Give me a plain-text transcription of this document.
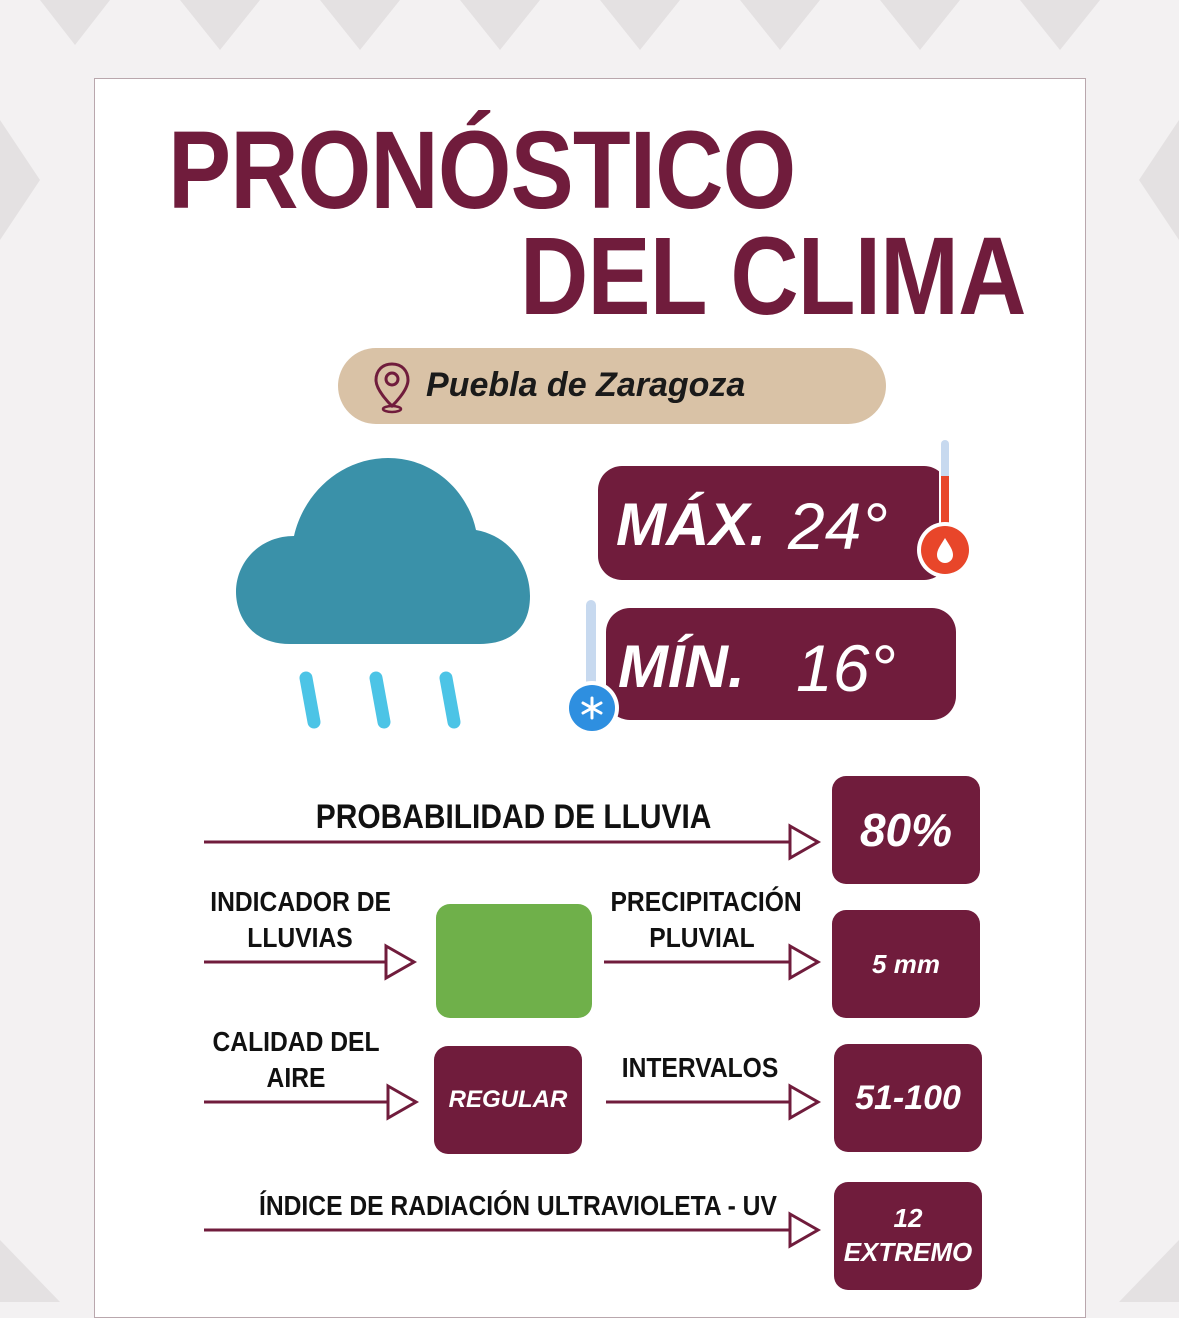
PRONÓSTICO
DEL CLIMA
Puebla de Zaragoza
MÁX. 24°
MÍN. 16°
PROBABILIDAD DE LLUVIA	80%
INDICADOR DE
LLUVIAS
PRECIPITACIÓN
PLUVIAL
5 mm
CALIDAD DEL
AIRE
REGULAR
INTERVALOS
51-100
ÍNDICE DE RADIACIÓN ULTRAVIOLETA - UV	12
EXTREMO
